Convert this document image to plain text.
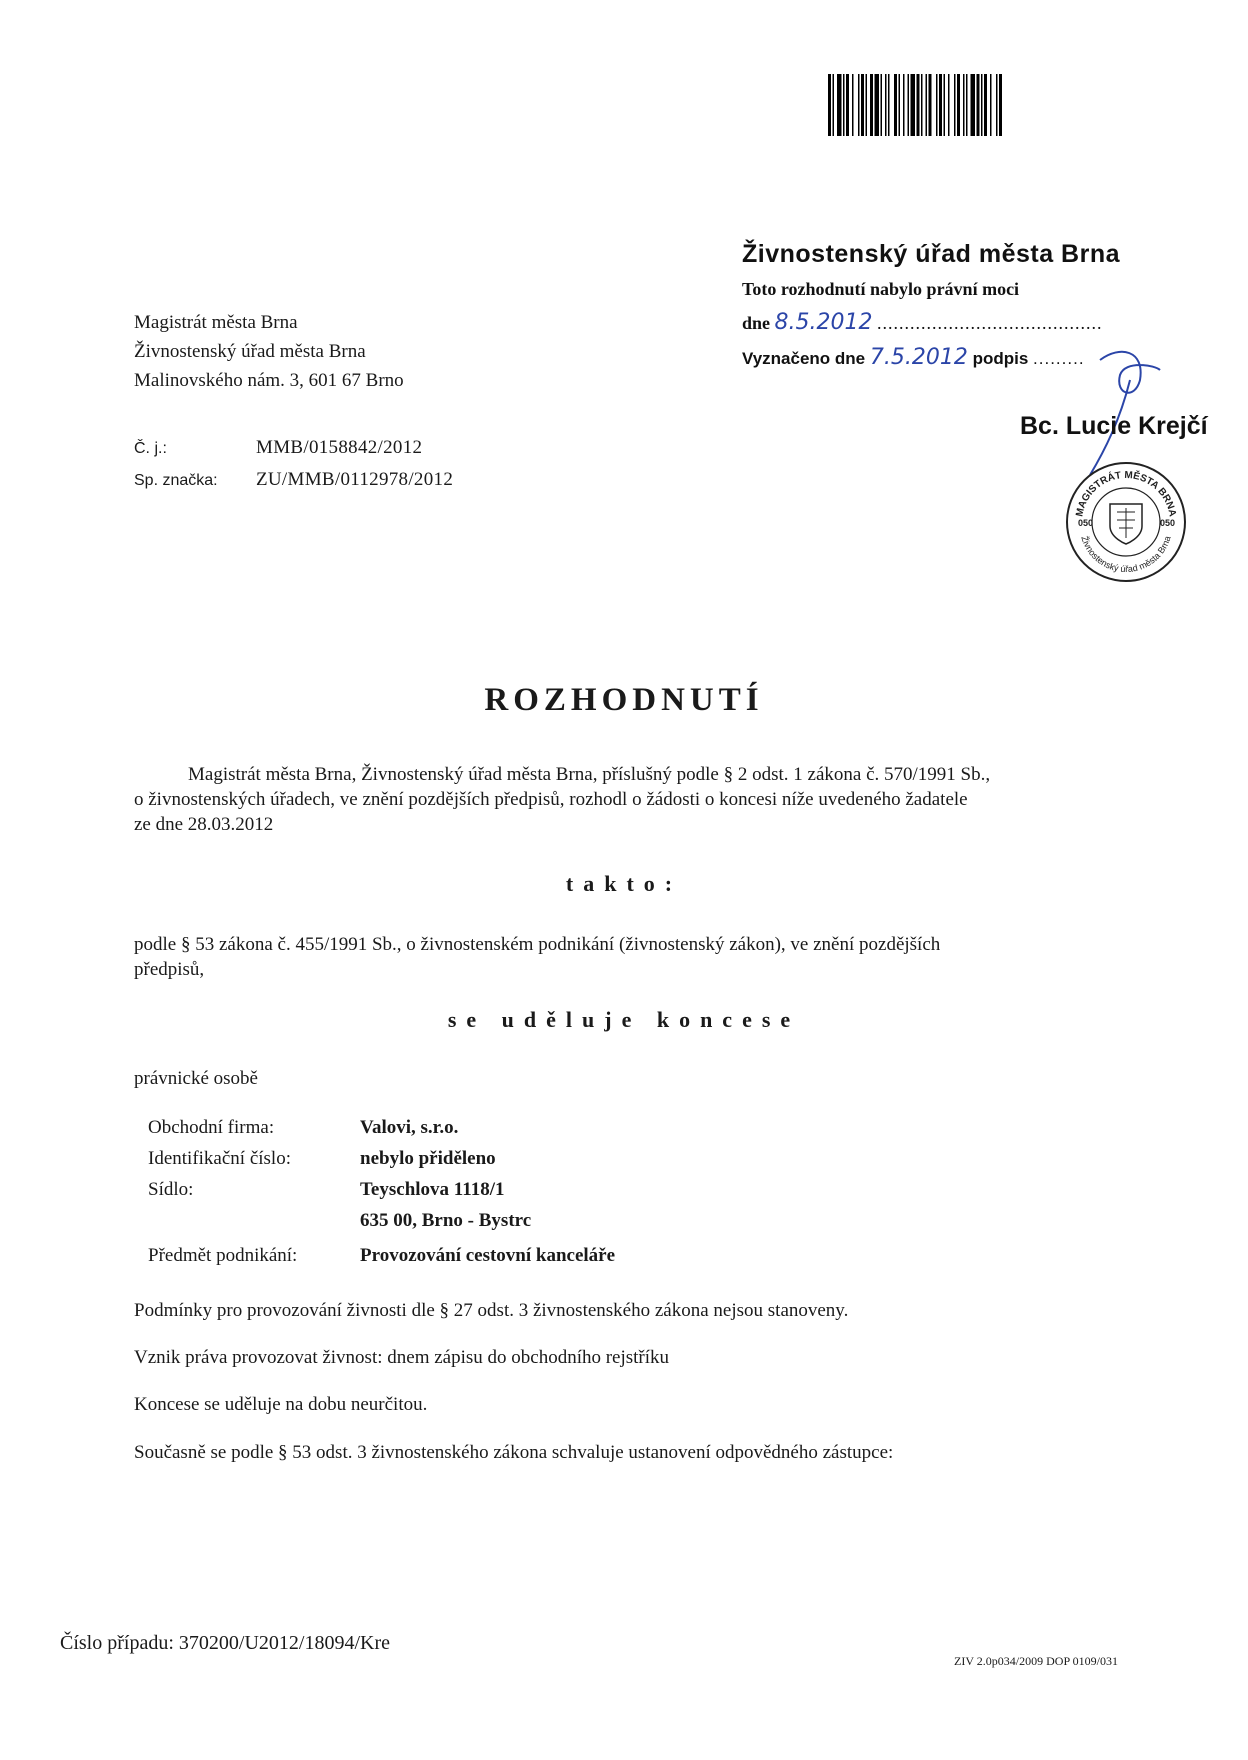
Živnostenský úřad města Brna
Toto rozhodnutí nabylo právní moci
dne 8.5.2012 .........................................
Vyznačeno dne 7.5.2012 podpis .........
Bc. Lucie Krejčí
MAGISTRÁT MĚSTA BRNA
Živnostenský úřad města Brna
050	050
Magistrát města Brna
Živnostenský úřad města Brna
Malinovského nám. 3, 601 67 Brno
Č. j.:	MMB/0158842/2012
Sp. značka: ZU/MMB/0112978/2012
ROZHODNUTÍ
Magistrát města Brna, Živnostenský úřad města Brna, příslušný podle § 2 odst. 1 zákona č. 570/1991 Sb.,
o živnostenských úřadech, ve znění pozdějších předpisů, rozhodl o žádosti o koncesi níže uvedeného žadatele
ze dne 28.03.2012
takto:
podle § 53 zákona č. 455/1991 Sb., o živnostenském podnikání (živnostenský zákon), ve znění pozdějších
předpisů,
se uděluje koncese
právnické osobě
Obchodní firma:	Valovi, s.r.o.
Identifikační číslo:	nebylo přiděleno
Sídlo:	Teyschlova 1118/1
635 00, Brno - Bystrc
Předmět podnikání:	Provozování cestovní kanceláře
Podmínky pro provozování živnosti dle § 27 odst. 3 živnostenského zákona nejsou stanoveny.
Vznik práva provozovat živnost: dnem zápisu do obchodního rejstříku
Koncese se uděluje na dobu neurčitou.
Současně se podle § 53 odst. 3 živnostenského zákona schvaluje ustanovení odpovědného zástupce:
Číslo případu: 370200/U2012/18094/Kre
ZIV 2.0p034/2009 DOP 0109/031
